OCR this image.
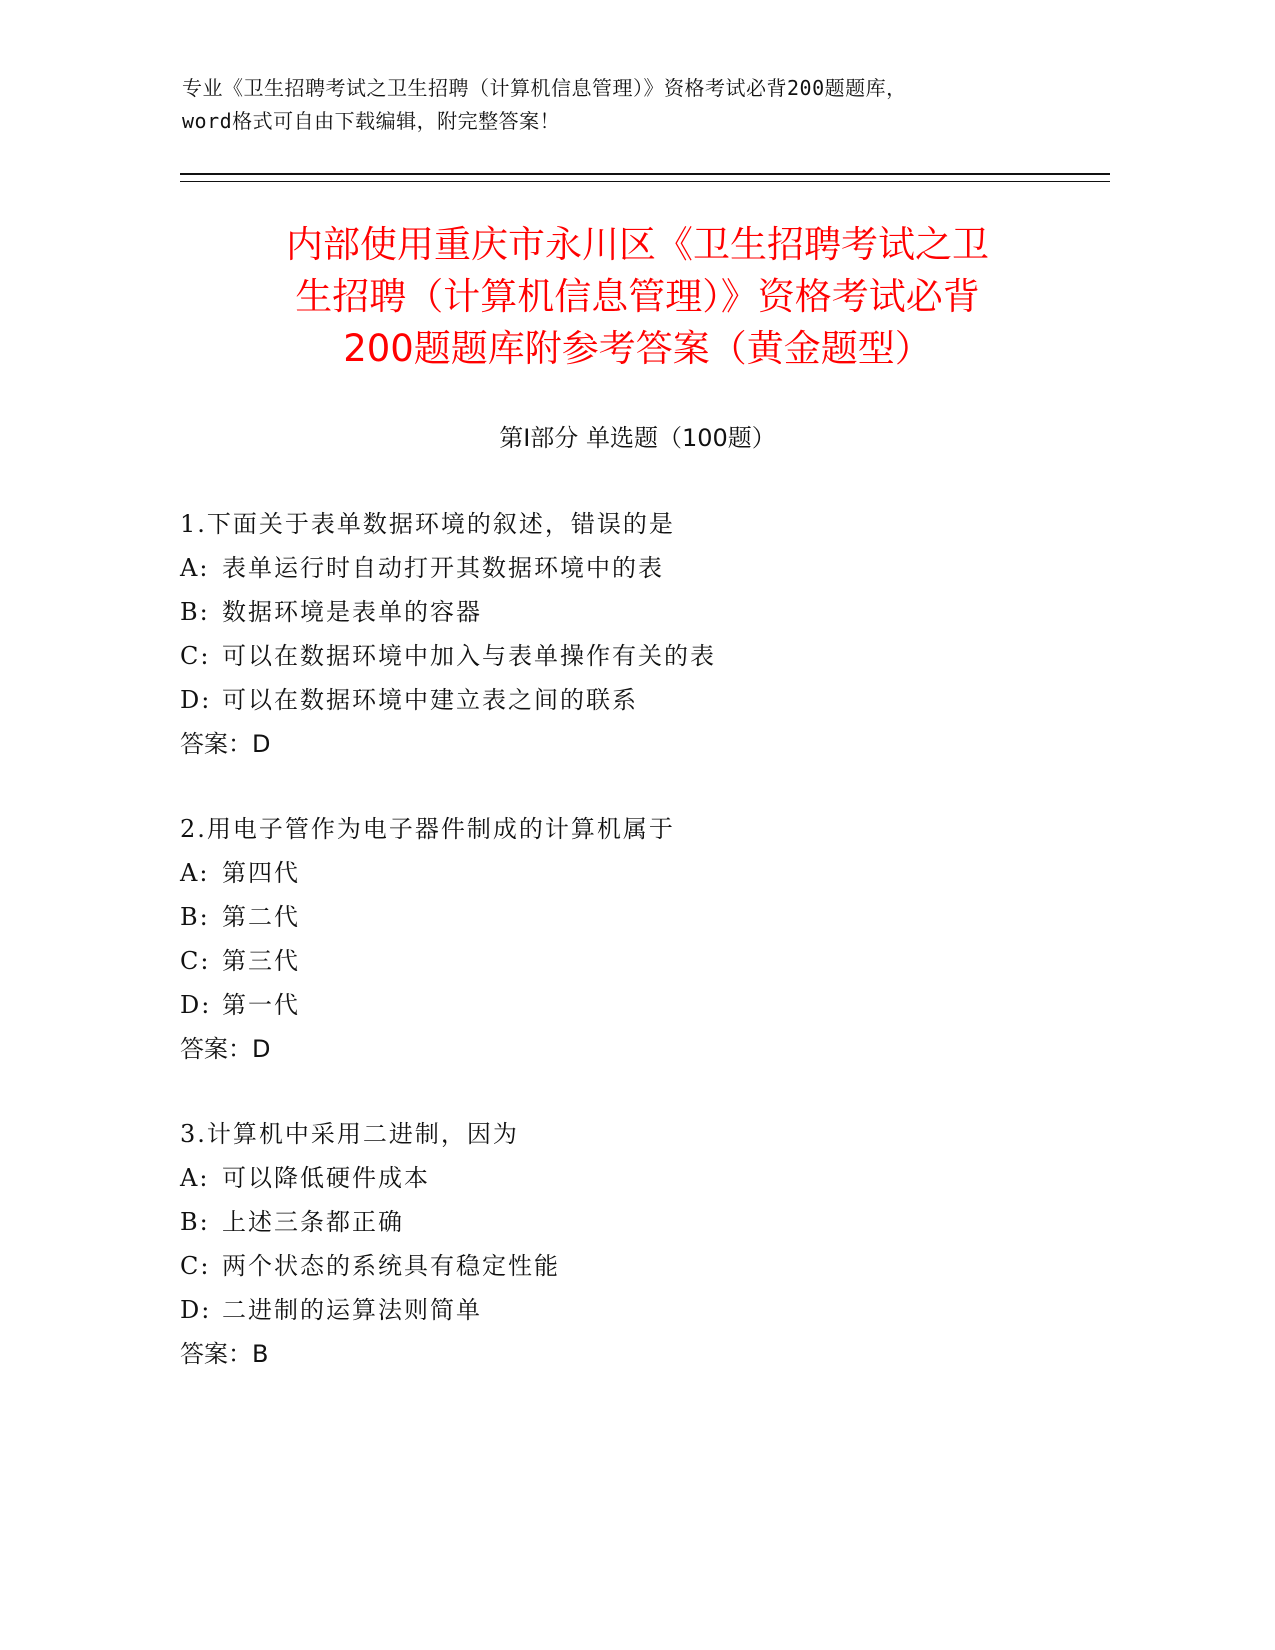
专业《卫生招聘考试之卫生招聘（计算机信息管理）》资格考试必背200题题库，
word格式可自由下载编辑，附完整答案！
内部使用重庆市永川区《卫生招聘考试之卫
生招聘（计算机信息管理）》资格考试必背
200题题库附参考答案（黄金题型）
第Ⅰ部分 单选题（100题）
1.下面关于表单数据环境的叙述，错误的是
A: 表单运行时自动打开其数据环境中的表
B: 数据环境是表单的容器
C: 可以在数据环境中加入与表单操作有关的表
D: 可以在数据环境中建立表之间的联系
答案：D
2.用电子管作为电子器件制成的计算机属于
A: 第四代
B: 第二代
C: 第三代
D: 第一代
答案：D
3.计算机中采用二进制，因为
A: 可以降低硬件成本
B: 上述三条都正确
C: 两个状态的系统具有稳定性能
D: 二进制的运算法则简单
答案：B
